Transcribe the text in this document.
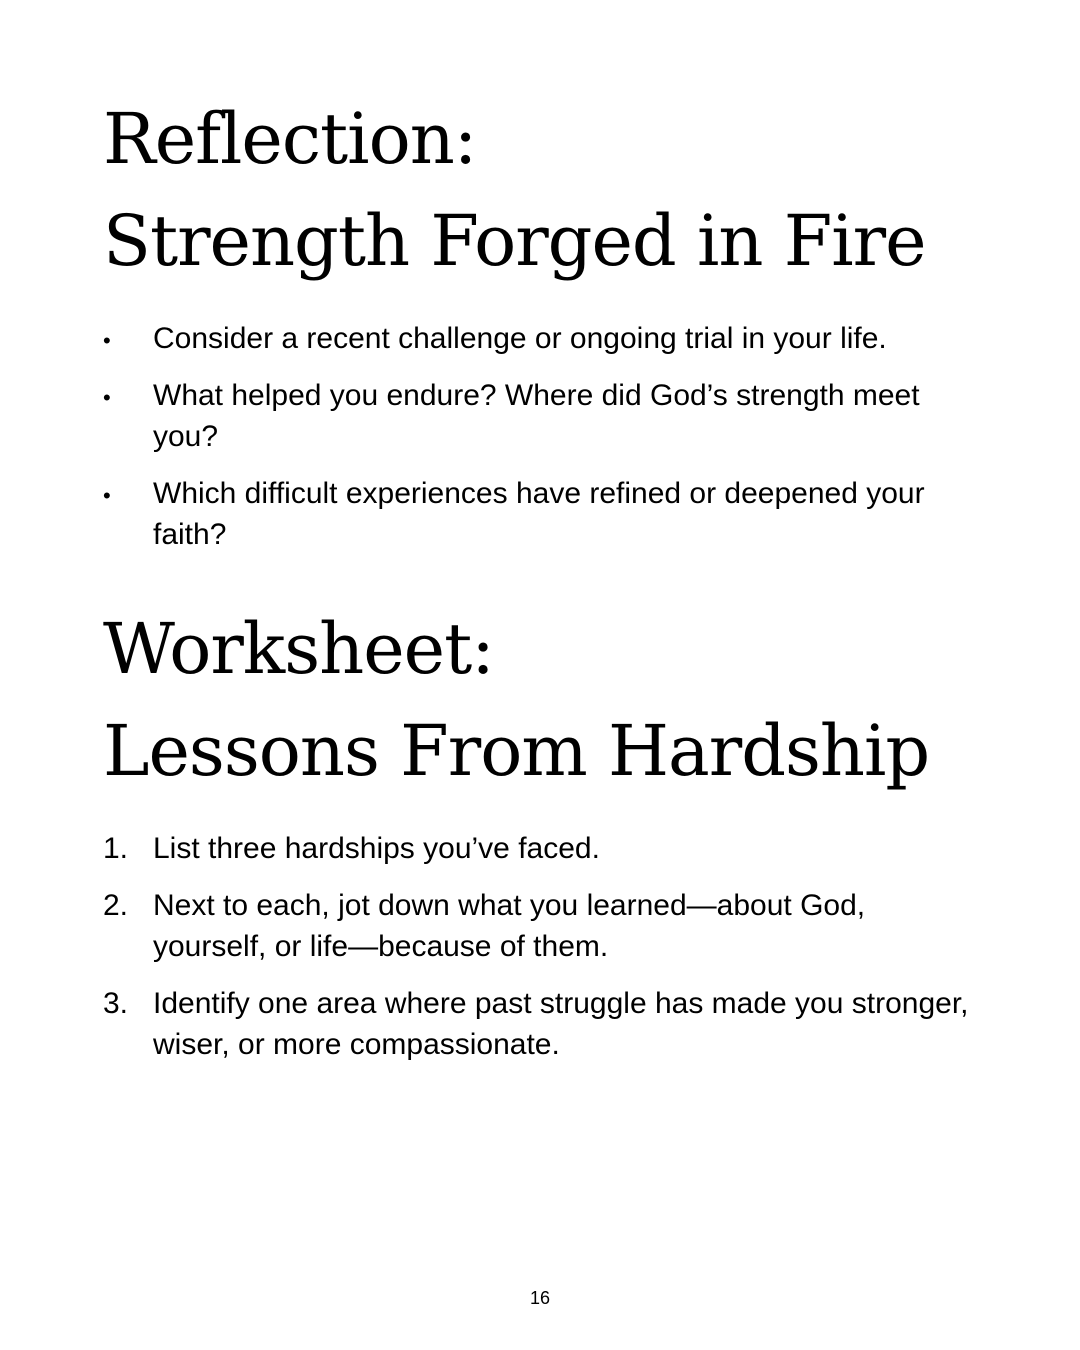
Reflection:
Strength Forged in Fire
• Consider a recent challenge or ongoing trial in your life.
• What helped you endure? Where did God’s strength meet you?
• Which difficult experiences have refined or deepened your faith?
Worksheet:
Lessons From Hardship
1. List three hardships you’ve faced.
2. Next to each, jot down what you learned—about God, yourself, or life—because of them.
3. Identify one area where past struggle has made you stronger, wiser, or more compassionate.
16
